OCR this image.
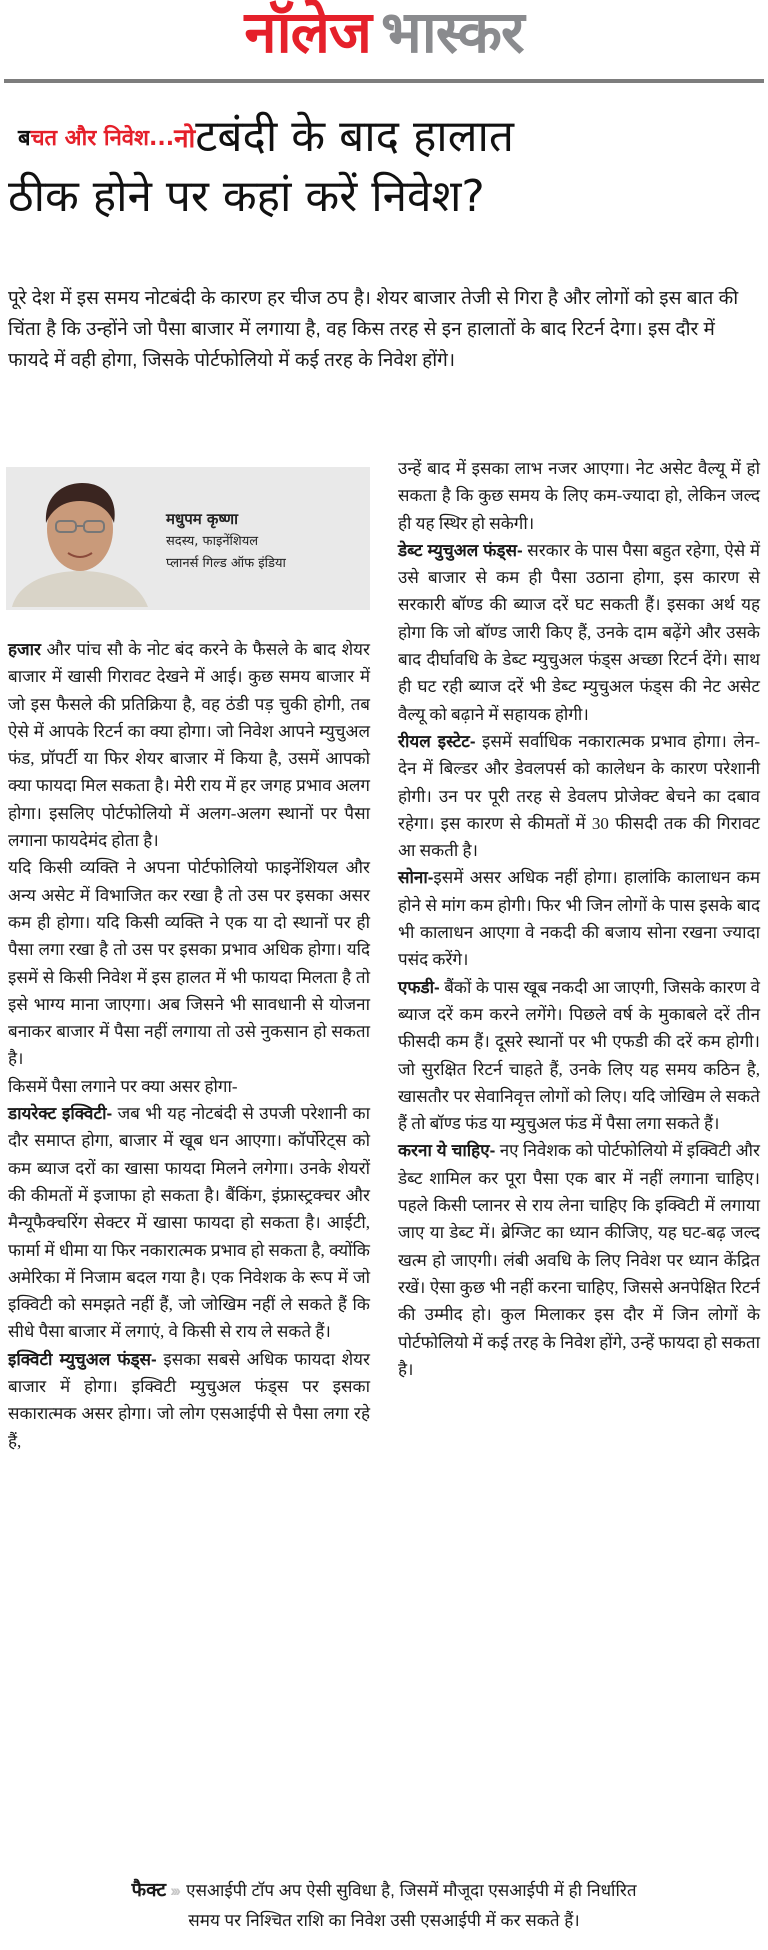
नॉलेज भास्कर
बचत और निवेश...नोटबंदी के बाद हालात
ठीक होने पर कहां करें निवेश?

पूरे देश में इस समय नोटबंदी के कारण हर चीज ठप है। शेयर बाजार तेजी से गिरा है और लोगों को इस बात की चिंता है कि उन्होंने जो पैसा बाजार में लगाया है, वह किस तरह से इन हालातों के बाद रिटर्न देगा। इस दौर में फायदे में वही होगा, जिसके पोर्टफोलियो में कई तरह के निवेश होंगे।

मधुपम कृष्णा
सदस्य, फाइनेंशियल
प्लानर्स गिल्ड ऑफ इंडिया

हजार और पांच सौ के नोट बंद करने के फैसले के बाद शेयर बाजार में खासी गिरावट देखने में आई। कुछ समय बाजार में जो इस फैसले की प्रतिक्रिया है, वह ठंडी पड़ चुकी होगी, तब ऐसे में आपके रिटर्न का क्या होगा। जो निवेश आपने म्युचुअल फंड, प्रॉपर्टी या फिर शेयर बाजार में किया है, उसमें आपको क्या फायदा मिल सकता है। मेरी राय में हर जगह प्रभाव अलग होगा। इसलिए पोर्टफोलियो में अलग-अलग स्थानों पर पैसा लगाना फायदेमंद होता है।

यदि किसी व्यक्ति ने अपना पोर्टफोलियो फाइनेंशियल और अन्य असेट में विभाजित कर रखा है तो उस पर इसका असर कम ही होगा। यदि किसी व्यक्ति ने एक या दो स्थानों पर ही पैसा लगा रखा है तो उस पर इसका प्रभाव अधिक होगा। यदि इसमें से किसी निवेश में इस हालत में भी फायदा मिलता है तो इसे भाग्य माना जाएगा। अब जिसने भी सावधानी से योजना बनाकर बाजार में पैसा नहीं लगाया तो उसे नुकसान हो सकता है।

किसमें पैसा लगाने पर क्या असर होगा-

डायरेक्ट इक्विटी- जब भी यह नोटबंदी से उपजी परेशानी का दौर समाप्त होगा, बाजार में खूब धन आएगा। कॉर्पोरेट्स को कम ब्याज दरों का खासा फायदा मिलने लगेगा। उनके शेयरों की कीमतों में इजाफा हो सकता है। बैंकिंग, इंफ्रास्ट्रक्चर और मैन्यूफैक्चरिंग सेक्टर में खासा फायदा हो सकता है। आईटी, फार्मा में धीमा या फिर नकारात्मक प्रभाव हो सकता है, क्योंकि अमेरिका में निजाम बदल गया है। एक निवेशक के रूप में जो इक्विटी को समझते नहीं हैं, जो जोखिम नहीं ले सकते हैं कि सीधे पैसा बाजार में लगाएं, वे किसी से राय ले सकते हैं।

इक्विटी म्युचुअल फंड्स- इसका सबसे अधिक फायदा शेयर बाजार में होगा। इक्विटी म्युचुअल फंड्स पर इसका सकारात्मक असर होगा। जो लोग एसआईपी से पैसा लगा रहे हैं,

उन्हें बाद में इसका लाभ नजर आएगा। नेट असेट वैल्यू में हो सकता है कि कुछ समय के लिए कम-ज्यादा हो, लेकिन जल्द ही यह स्थिर हो सकेगी।

डेब्ट म्युचुअल फंड्स- सरकार के पास पैसा बहुत रहेगा, ऐसे में उसे बाजार से कम ही पैसा उठाना होगा, इस कारण से सरकारी बॉण्ड की ब्याज दरें घट सकती हैं। इसका अर्थ यह होगा कि जो बॉण्ड जारी किए हैं, उनके दाम बढ़ेंगे और उसके बाद दीर्घावधि के डेब्ट म्युचुअल फंड्स अच्छा रिटर्न देंगे। साथ ही घट रही ब्याज दरें भी डेब्ट म्युचुअल फंड्स की नेट असेट वैल्यू को बढ़ाने में सहायक होगी।

रीयल इस्टेट- इसमें सर्वाधिक नकारात्मक प्रभाव होगा। लेन-देन में बिल्डर और डेवलपर्स को कालेधन के कारण परेशानी होगी। उन पर पूरी तरह से डेवलप प्रोजेक्ट बेचने का दबाव रहेगा। इस कारण से कीमतों में 30 फीसदी तक की गिरावट आ सकती है।

सोना-इसमें असर अधिक नहीं होगा। हालांकि कालाधन कम होने से मांग कम होगी। फिर भी जिन लोगों के पास इसके बाद भी कालाधन आएगा वे नकदी की बजाय सोना रखना ज्यादा पसंद करेंगे।

एफडी- बैंकों के पास खूब नकदी आ जाएगी, जिसके कारण वे ब्याज दरें कम करने लगेंगे। पिछले वर्ष के मुकाबले दरें तीन फीसदी कम हैं। दूसरे स्थानों पर भी एफडी की दरें कम होगी। जो सुरक्षित रिटर्न चाहते हैं, उनके लिए यह समय कठिन है, खासतौर पर सेवानिवृत्त लोगों को लिए। यदि जोखिम ले सकते हैं तो बॉण्ड फंड या म्युचुअल फंड में पैसा लगा सकते हैं।

करना ये चाहिए- नए निवेशक को पोर्टफोलियो में इक्विटी और डेब्ट शामिल कर पूरा पैसा एक बार में नहीं लगाना चाहिए। पहले किसी प्लानर से राय लेना चाहिए कि इक्विटी में लगाया जाए या डेब्ट में। ब्रेग्जिट का ध्यान कीजिए, यह घट-बढ़ जल्द खत्म हो जाएगी। लंबी अवधि के लिए निवेश पर ध्यान केंद्रित रखें। ऐसा कुछ भी नहीं करना चाहिए, जिससे अनपेक्षित रिटर्न की उम्मीद हो। कुल मिलाकर इस दौर में जिन लोगों के पोर्टफोलियो में कई तरह के निवेश होंगे, उन्हें फायदा हो सकता है।

फैक्ट ››› एसआईपी टॉप अप ऐसी सुविधा है, जिसमें मौजूदा एसआईपी में ही निर्धारित
समय पर निश्चित राशि का निवेश उसी एसआईपी में कर सकते हैं।
